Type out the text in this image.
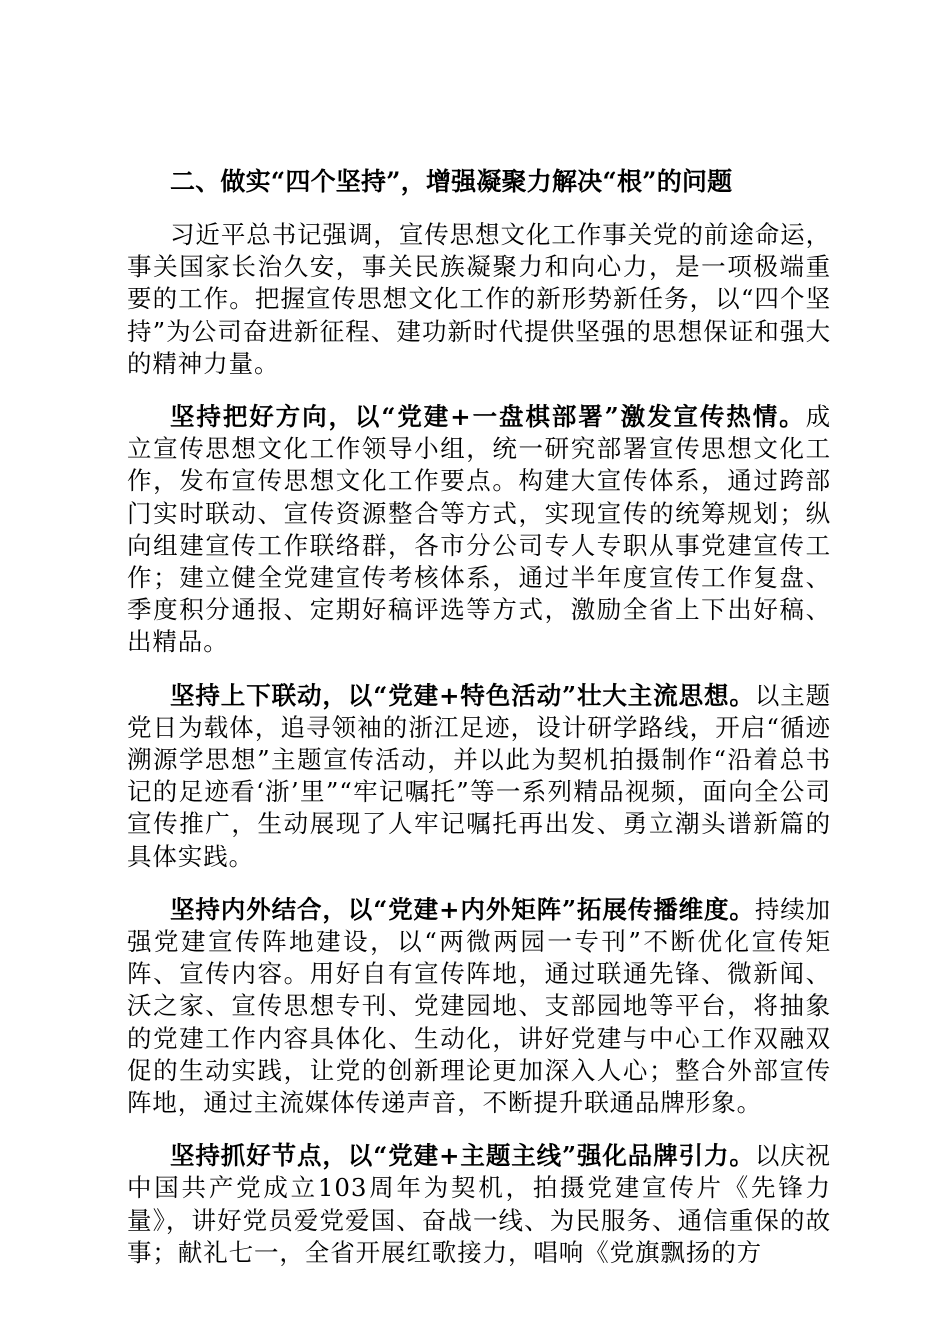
二、做实“四个坚持”，增强凝聚力解决“根”的问题

习近平总书记强调，宣传思想文化工作事关党的前途命运，事关国家长治久安，事关民族凝聚力和向心力，是一项极端重要的工作。把握宣传思想文化工作的新形势新任务，以“四个坚持”为公司奋进新征程、建功新时代提供坚强的思想保证和强大的精神力量。

坚持把好方向，以“党建+一盘棋部署”激发宣传热情。成立宣传思想文化工作领导小组，统一研究部署宣传思想文化工作，发布宣传思想文化工作要点。构建大宣传体系，通过跨部门实时联动、宣传资源整合等方式，实现宣传的统筹规划；纵向组建宣传工作联络群，各市分公司专人专职从事党建宣传工作；建立健全党建宣传考核体系，通过半年度宣传工作复盘、季度积分通报、定期好稿评选等方式，激励全省上下出好稿、出精品。

坚持上下联动，以“党建+特色活动”壮大主流思想。以主题党日为载体，追寻领袖的浙江足迹，设计研学路线，开启“循迹溯源学思想”主题宣传活动，并以此为契机拍摄制作“沿着总书记的足迹看‘浙’里”“牢记嘱托”等一系列精品视频，面向全公司宣传推广，生动展现了人牢记嘱托再出发、勇立潮头谱新篇的具体实践。

坚持内外结合，以“党建+内外矩阵”拓展传播维度。持续加强党建宣传阵地建设，以“两微两园一专刊”不断优化宣传矩阵、宣传内容。用好自有宣传阵地，通过联通先锋、微新闻、沃之家、宣传思想专刊、党建园地、支部园地等平台，将抽象的党建工作内容具体化、生动化，讲好党建与中心工作双融双促的生动实践，让党的创新理论更加深入人心；整合外部宣传阵地，通过主流媒体传递声音，不断提升联通品牌形象。

坚持抓好节点，以“党建+主题主线”强化品牌引力。以庆祝中国共产党成立103周年为契机，拍摄党建宣传片《先锋力量》，讲好党员爱党爱国、奋战一线、为民服务、通信重保的故事；献礼七一，全省开展红歌接力，唱响《党旗飘扬的方
